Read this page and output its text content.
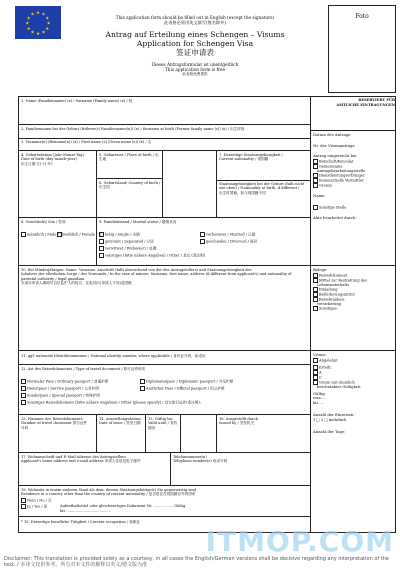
★ ★
★
★
★
★
★
★
★
★
★
★	This application form should be filled out in English (except the signature)
此表格必须用英文填写(签名除外)
Antrag auf Erteilung eines Schengen – Visums
Application for Schengen Visa
签证申请表
Dieses Antragsformular ist unentgeltlich
This application form is free
此表格免费提供
Foto
1. Name (Familienname) (x) / Surname (Family name) (x) / 姓
2. Familienname bei der Geburt (frühere(r) Familienname(n)) (x) / Surname at birth (Former family name (s)) (x) / 出生时姓
3. Vorname(n) (Beiname(n)) (x) / First name (s) (Given name (s)) (x) / 名
4. Geburtsdatum (Jahr-Monat-Tag)
Date of birth (day-month-year)
出生日期 (日-月-年)
5. Geburtsort / Place of birth / 出生地
6. Geburtsland/ Country of birth / 出生国
7. Derzeitige Staatsangehörigkeit /
Current nationality / 现国籍
Staatsangehörigkeit bei der Geburt (falls nicht wie oben) / Nationality at birth, if different /
出生时国籍，如与现国籍不同
8. Geschlecht/ Sex / 性别
männlich / Male / 男 weiblich / Female / 女
9. Familienstand / Marital status / 婚姻状况
ledig / Single / 未婚	verheiratet / Married / 已婚
getrennt / Separated / 分居	geschieden / Divorced / 离异
verwitwet / Widow(er) / 丧偶
sonstiges (bitte nähere Angaben) / Other / 其它 (请注明)
10. Bei Minderjährigen: Name, Vorname, Anschrift (falls abweichend von der des Antragstellers) und Staatsangehörigkeit des
Inhabers der elterlichen Sorge / des Vormunds / In the case of minors: Surname, first name, address (if different from applicant's) and nationality of parental authority / legal guardian
未成年申请人填明写自法监护人的姓名、住址(如与申请人不同)及国籍
11. ggf. nationale Identitätsnummer / National identity number, where applicable / 身份证号码，如适用
12. Art des Reisedokuments / Type of travel document / 旅行证件种类
Normaler Pass / Ordinary passport / 普通护照	Diplomatenpass / Diplomatic passport / 外交护照
Dienstpass / Service passport / 公务护照	Amtlicher Pass / Official passport / 因公护照
Sonderpass / Special passport / 特殊护照
Sonstiges Reisedokument (bitte nähere Angaben) / Other (please specify) / 其它旅行证件(请注明):
13. Nummer des Reisedokuments
Number of travel document 旅行证件
号码
14. Ausstellungsdatum
Date of issue / 签发日期
15. Gültig bis
Valid until / 有效期至
16. Ausgestellt durch
Issued by / 签发机关
17. Wohnanschrift und E-Mail-Adresse des Antragstellers
Applicant's home address and e-mail address 申请人住址及电子邮件
Telefonnummer(n)
Telephone number(s) 电话号码
18. Wohnsitz in einem anderen Staat als dem, dessen Staatsangehörige(r) Sie gegenwärtig sind
Residence in a country other than the country of current nationality / 是否居住在现国籍以外的国家
Nein / No / 否
Ja / Yes / 是	Aufenthaltstitel oder gleichwertiges Dokument Nr. ................. Gültig
bis .......................................
* 19. Derzeitige berufliche Tätigkeit / Current occupation / 现职业
RESERVIERT FÜR
AMTLICHE EINTRAGUNGEN
Datum des Antrags:
Nr. des Visumantrags
Antrag eingereicht bei
Botschaft/Konsulat
Gemeinsame
Antragsbearbeitungsstelle
Dienstleistungserbringer
Kommerzielle Vermittler
Grenze
Name:
Sonstige Stelle
Akte bearbeitet durch:
Belege:
Reisedokument
Mittel zur Bestreitung des
Lebensunterhalts
Einladung
Beförderungsmittel
Reisekranken-
versicherung
Sonstiges:
Visum:
Abgelehnt
Erteilt:
A
C
Visum mit räumlich
beschränkter Gültigkeit
Gültig
vom.....
bis.....
Anzahl der Einreisen:
1 □ 2 □ mehrfach
Anzahl der Tage:
ITMOP.COM
Disclaimer: This translation is provided solely as a courtesy, in all cases the English/German versions shall be decisive regarding any interpretation of the text. / 本译文仅供参考。所有对本文件的解释以英文/德文版为准
